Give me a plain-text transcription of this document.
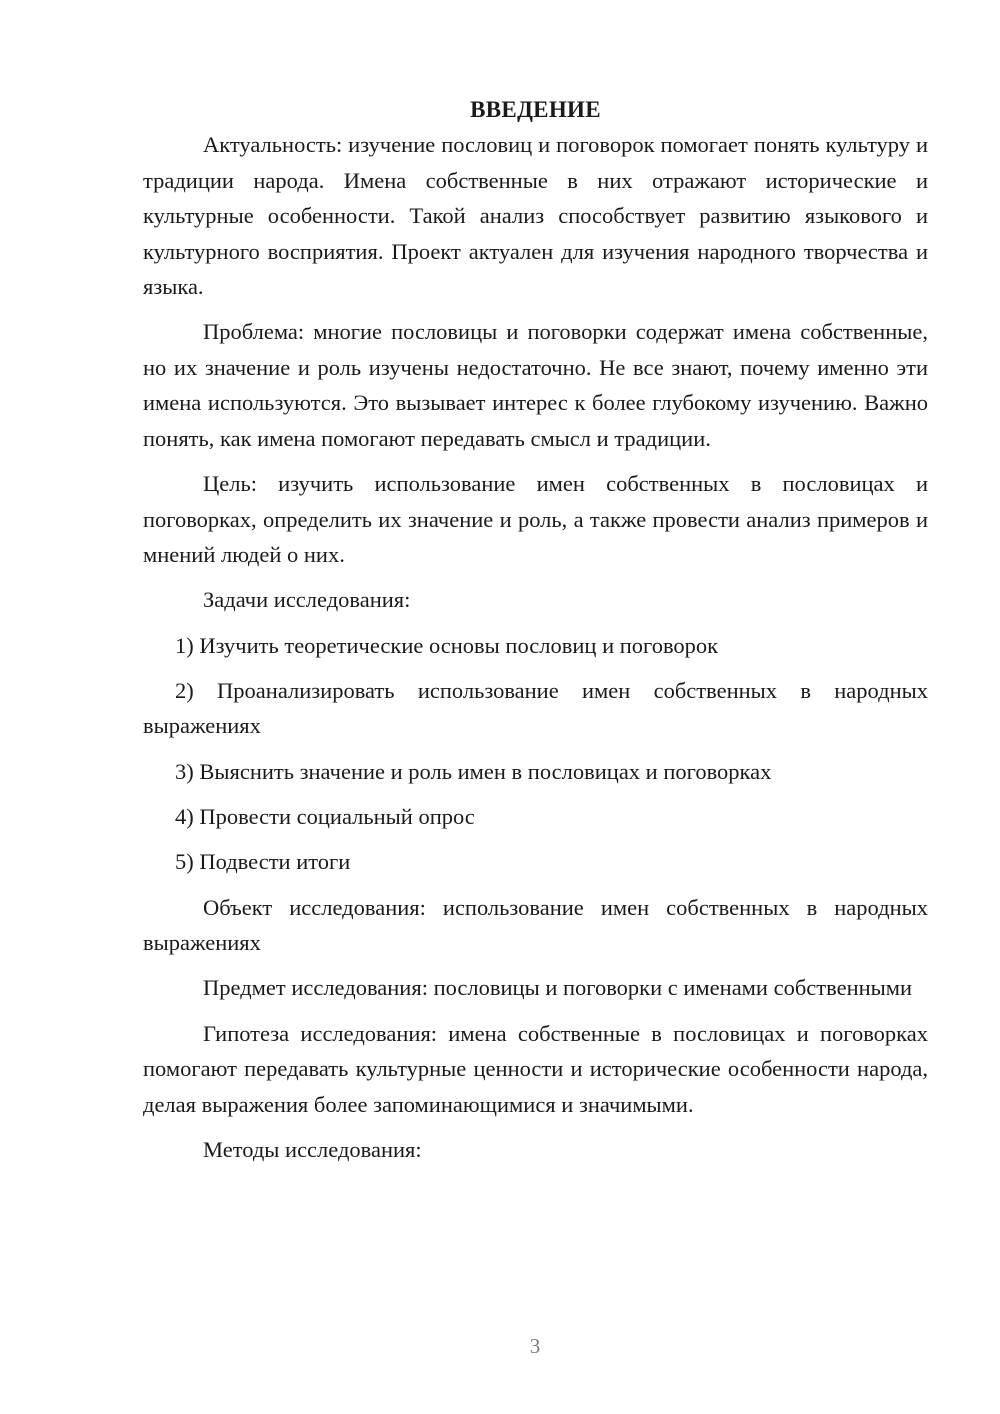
ВВЕДЕНИЕ

Актуальность: изучение пословиц и поговорок помогает понять культуру и традиции народа. Имена собственные в них отражают исторические и культурные особенности. Такой анализ способствует развитию языкового и культурного восприятия. Проект актуален для изучения народного творчества и языка.

Проблема: многие пословицы и поговорки содержат имена собственные, но их значение и роль изучены недостаточно. Не все знают, почему именно эти имена используются. Это вызывает интерес к более глубокому изучению. Важно понять, как имена помогают передавать смысл и традиции.

Цель: изучить использование имен собственных в пословицах и поговорках, определить их значение и роль, а также провести анализ примеров и мнений людей о них.

Задачи исследования:

1) Изучить теоретические основы пословиц и поговорок

2) Проанализировать использование имен собственных в народных выражениях

3) Выяснить значение и роль имен в пословицах и поговорках

4) Провести социальный опрос

5) Подвести итоги

Объект исследования: использование имен собственных в народных выражениях

Предмет исследования: пословицы и поговорки с именами собственными

Гипотеза исследования: имена собственные в пословицах и поговорках помогают передавать культурные ценности и исторические особенности народа, делая выражения более запоминающимися и значимыми.

Методы исследования:

3
